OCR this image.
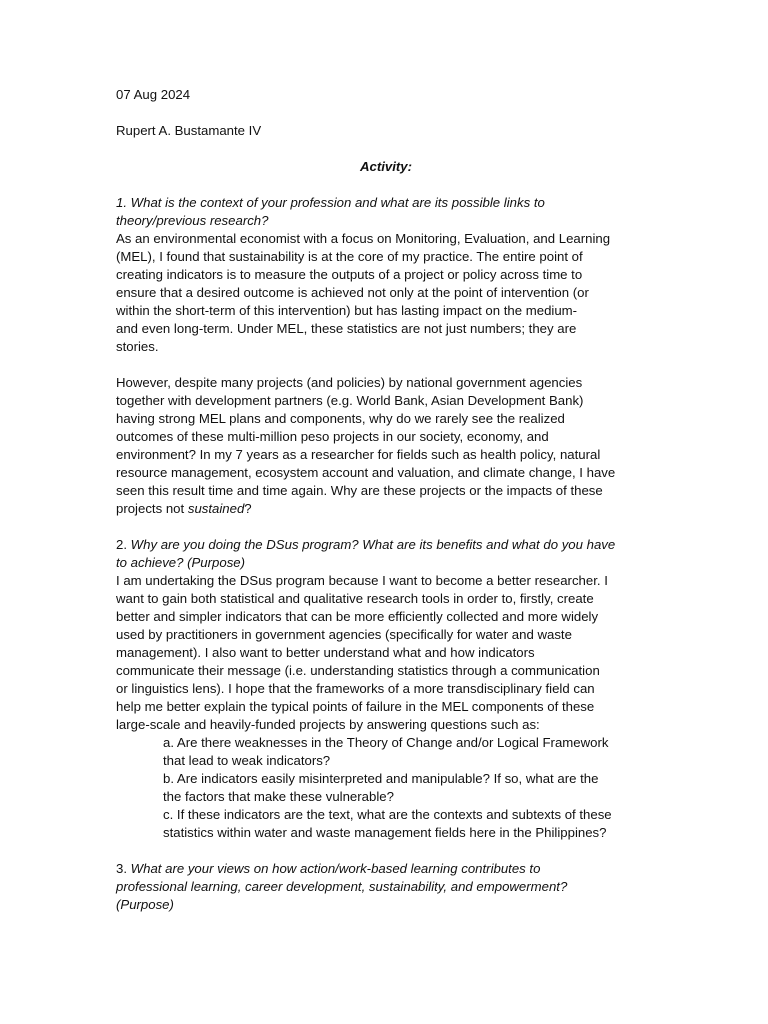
07 Aug 2024

Rupert A. Bustamante IV

Activity:

1. What is the context of your profession and what are its possible links to

theory/previous research?

As an environmental economist with a focus on Monitoring, Evaluation, and Learning

(MEL), I found that sustainability is at the core of my practice. The entire point of

creating indicators is to measure the outputs of a project or policy across time to

ensure that a desired outcome is achieved not only at the point of intervention (or

within the short-term of this intervention) but has lasting impact on the medium-

and even long-term. Under MEL, these statistics are not just numbers; they are

stories.

However, despite many projects (and policies) by national government agencies

together with development partners (e.g. World Bank, Asian Development Bank)

having strong MEL plans and components, why do we rarely see the realized

outcomes of these multi-million peso projects in our society, economy, and

environment? In my 7 years as a researcher for fields such as health policy, natural

resource management, ecosystem account and valuation, and climate change, I have

seen this result time and time again. Why are these projects or the impacts of these

projects not sustained?

2. Why are you doing the DSus program? What are its benefits and what do you have

to achieve? (Purpose)

I am undertaking the DSus program because I want to become a better researcher. I

want to gain both statistical and qualitative research tools in order to, firstly, create

better and simpler indicators that can be more efficiently collected and more widely

used by practitioners in government agencies (specifically for water and waste

management). I also want to better understand what and how indicators

communicate their message (i.e. understanding statistics through a communication

or linguistics lens). I hope that the frameworks of a more transdisciplinary field can

help me better explain the typical points of failure in the MEL components of these

large-scale and heavily-funded projects by answering questions such as:

a. Are there weaknesses in the Theory of Change and/or Logical Framework

that lead to weak indicators?

b. Are indicators easily misinterpreted and manipulable? If so, what are the

the factors that make these vulnerable?

c. If these indicators are the text, what are the contexts and subtexts of these

statistics within water and waste management fields here in the Philippines?

3. What are your views on how action/work-based learning contributes to

professional learning, career development, sustainability, and empowerment?

(Purpose)
